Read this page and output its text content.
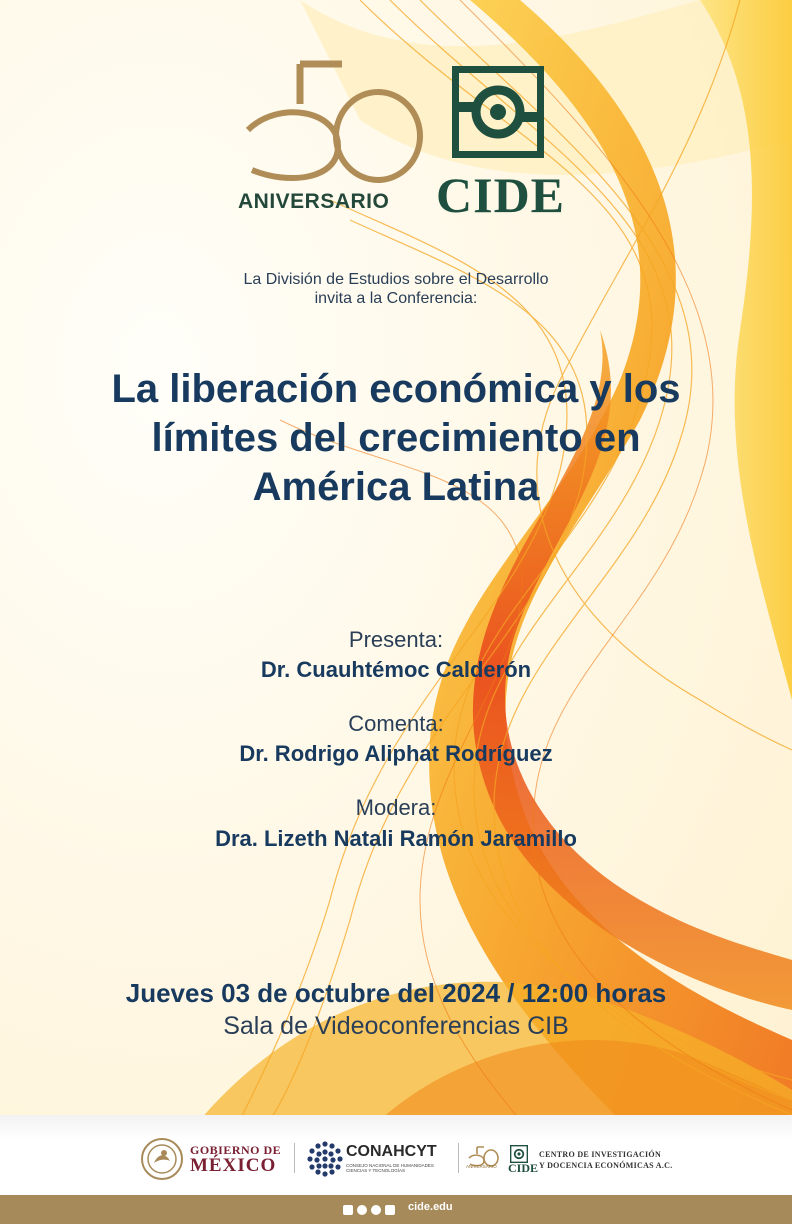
ANIVERSARIO CIDE
La División de Estudios sobre el Desarrollo
invita a la Conferencia:
La liberación económica y los
límites del crecimiento en
América Latina
Presenta:
Dr. Cuauhtémoc Calderón
Comenta:
Dr. Rodrigo Aliphat Rodríguez
Modera:
Dra. Lizeth Natali Ramón Jaramillo
Jueves 03 de octubre del 2024 / 12:00 horas
Sala de Videoconferencias CIB
GOBIERNO DE
MÉXICO
CONAHCYT
CONSEJO NACIONAL DE HUMANIDADES
CIENCIAS Y TECNOLOGÍAS
ANIVERSARIO CIDE
CENTRO DE INVESTIGACIÓN
Y DOCENCIA ECONÓMICAS A.C.
cide.edu
